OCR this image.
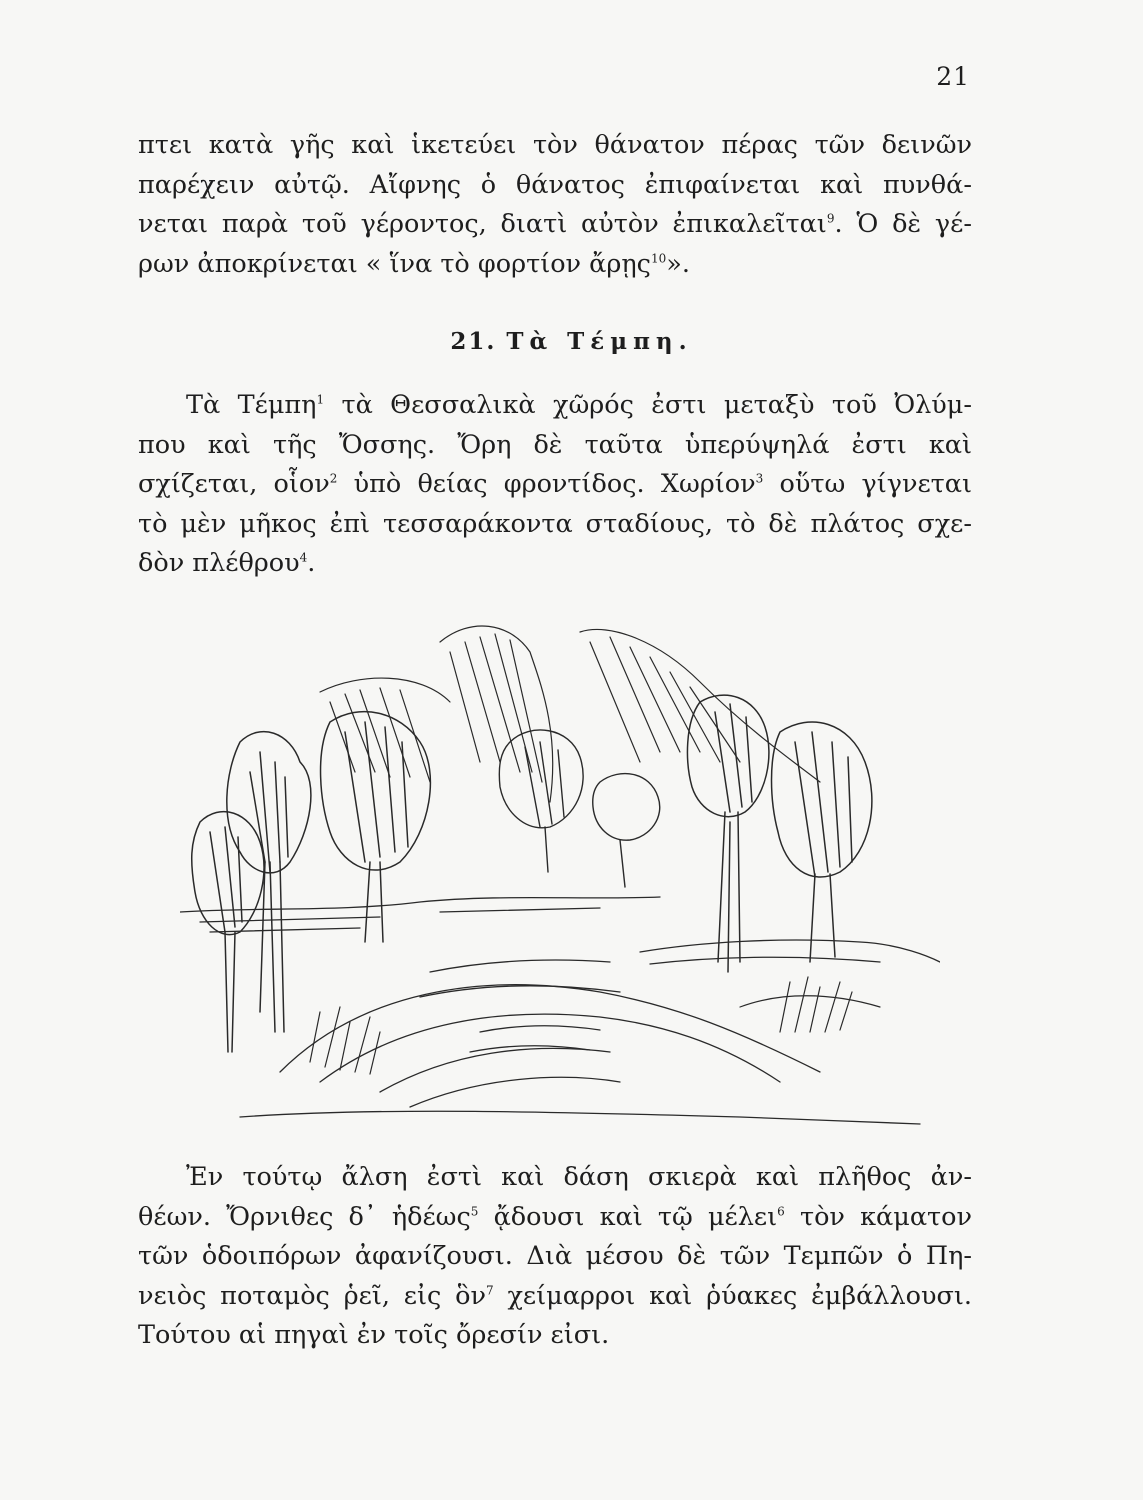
21
πτει κατὰ γῆς καὶ ἱκετεύει τὸν θάνατον πέρας τῶν δεινῶν
παρέχειν αὐτῷ. Αἴφνης ὁ θάνατος ἐπιφαίνεται καὶ πυνθά-
νεται παρὰ τοῦ γέροντος, διατὶ αὐτὸν ἐπικαλεῖται$^9$. Ὁ δὲ γέ-
ρων ἀποκρίνεται « ἵνα τὸ φορτίον ἄρῃς$^{10}$».
21. Τὰ Τέμπη.
Τὰ Τέμπη$^1$ τὰ Θεσσαλικὰ χῶρός ἐστι μεταξὺ τοῦ Ὀλύμ-
που καὶ τῆς Ὄσσης. Ὄρη δὲ ταῦτα ὑπερύψηλά ἐστι καὶ
σχίζεται, οἷον$^2$ ὑπὸ θείας φροντίδος. Χωρίον$^3$ οὕτω γίγνεται
τὸ μὲν μῆκος ἐπὶ τεσσαράκοντα σταδίους, τὸ δὲ πλάτος σχε-
δὸν πλέθρου$^4$.
Ἐν τούτῳ ἄλση ἐστὶ καὶ δάση σκιερὰ καὶ πλῆθος ἀν-
θέων. Ὄρνιθες δ᾽ ἡδέως$^5$ ᾄδουσι καὶ τῷ μέλει$^6$ τὸν κάματον
τῶν ὁδοιπόρων ἀφανίζουσι. Διὰ μέσου δὲ τῶν Τεμπῶν ὁ Πη-
νειὸς ποταμὸς ῥεῖ, εἰς ὃν$^7$ χείμαρροι καὶ ῥύακες ἐμβάλλουσι.
Τούτου αἱ πηγαὶ ἐν τοῖς ὄρεσίν εἰσι.
